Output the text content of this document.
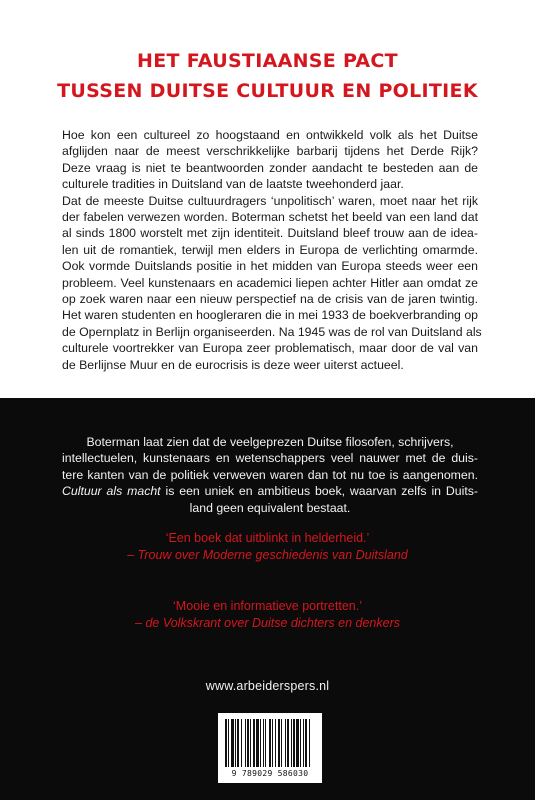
HET FAUSTIAANSE PACT
TUSSEN DUITSE CULTUUR EN POLITIEK
Hoe kon een cultureel zo hoogstaand en ontwikkeld volk als het Duitse
afglijden naar de meest verschrikkelijke barbarij tijdens het Derde Rijk?
Deze vraag is niet te beantwoorden zonder aandacht te besteden aan de
culturele tradities in Duitsland van de laatste tweehonderd jaar.
Dat de meeste Duitse cultuurdragers ‘unpolitisch’ waren, moet naar het rijk
der fabelen verwezen worden. Boterman schetst het beeld van een land dat
al sinds 1800 worstelt met zijn identiteit. Duitsland bleef trouw aan de idea-
len uit de romantiek, terwijl men elders in Europa de verlichting omarmde.
Ook vormde Duitslands positie in het midden van Europa steeds weer een
probleem. Veel kunstenaars en academici liepen achter Hitler aan omdat ze
op zoek waren naar een nieuw perspectief na de crisis van de jaren twintig.
Het waren studenten en hoogleraren die in mei 1933 de boekverbranding op
de Opernplatz in Berlijn organiseerden. Na 1945 was de rol van Duitsland als
culturele voortrekker van Europa zeer problematisch, maar door de val van
de Berlijnse Muur en de eurocrisis is deze weer uiterst actueel.
Boterman laat zien dat de veelgeprezen Duitse filosofen, schrijvers,
intellectuelen, kunstenaars en wetenschappers veel nauwer met de duis-
tere kanten van de politiek verweven waren dan tot nu toe is aangenomen.
Cultuur als macht is een uniek en ambitieus boek, waarvan zelfs in Duits-
land geen equivalent bestaat.
‘Een boek dat uitblinkt in helderheid.’
– Trouw over Moderne geschiedenis van Duitsland
‘Mooie en informatieve portretten.’
– de Volkskrant over Duitse dichters en denkers
www.arbeiderspers.nl
9 789029 586030
